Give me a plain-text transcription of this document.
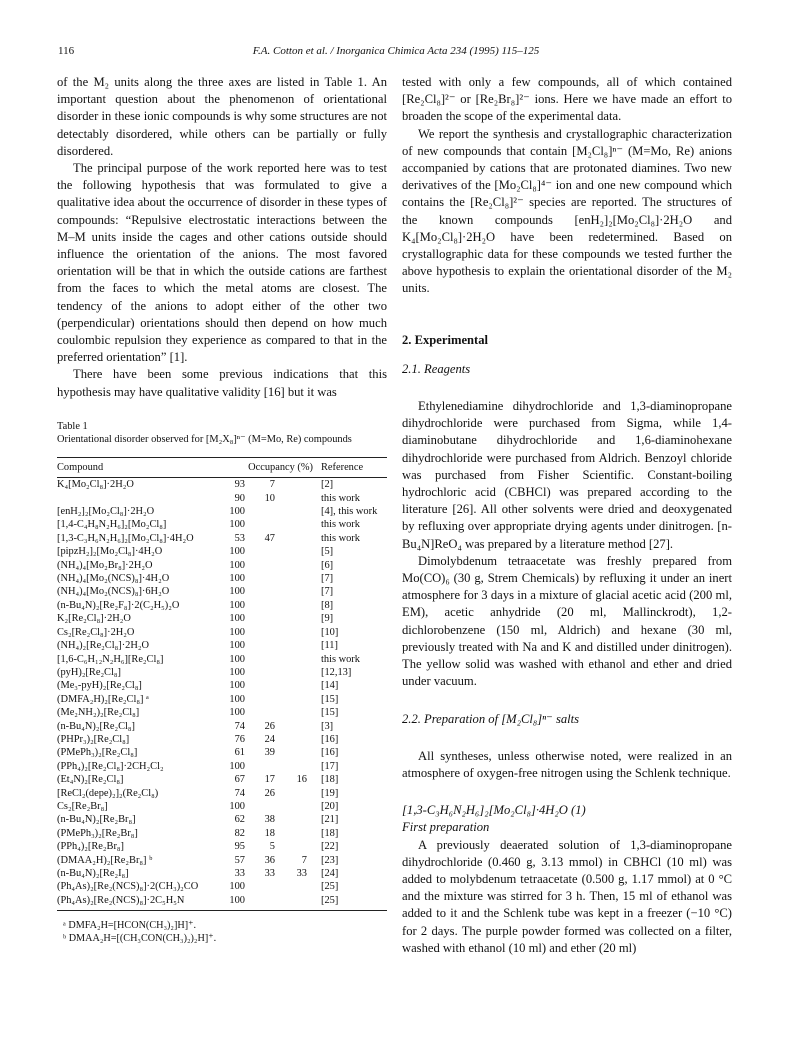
116	F.A. Cotton et al. / Inorganica Chimica Acta 234 (1995) 115–125

of the M₂ units along the three axes are listed in Table 1. An important question about the phenomenon of orientational disorder in these ionic compounds is why some structures are not detectably disordered, while others can be partially or fully disordered.

The principal purpose of the work reported here was to test the following hypothesis that was formulated to give a qualitative idea about the occurrence of disorder in these types of compounds: “Repulsive electrostatic interactions between the M–M units inside the cages and other cations outside should influence the orientation of the anions. The most favored orientation will be that in which the outside cations are farthest from the faces to which the metal atoms are closest. The tendency of the anions to adopt either of the other two (perpendicular) orientations should then depend on how much coulombic repulsion they experience as compared to that in the preferred orientation” [1].

There have been some previous indications that this hypothesis may have qualitative validity [16] but it was

Table 1

Orientational disorder observed for [M₂X₈]ⁿ⁻ (M=Mo, Re) compounds

Compound	Occupancy (%)			Reference
K₄[Mo₂Cl₈]·2H₂O	93	7		[2]
	90	10		this work
[enH₂]₂[Mo₂Cl₈]·2H₂O	100			[4], this work
[1,4-C₄H₈N₂H₆]₂[Mo₂Cl₈]	100			this work
[1,3-C₃H₆N₂H₆]₂[Mo₂Cl₈]·4H₂O	53	47		this work
[pipzH₂]₂[Mo₂Cl₈]·4H₂O	100			[5]
(NH₄)₄[Mo₂Br₈]·2H₂O	100			[6]
(NH₄)₄[Mo₂(NCS)₈]·4H₂O	100			[7]
(NH₄)₄[Mo₂(NCS)₈]·6H₂O	100			[7]
(n-Bu₄N)₂[Re₂F₈]·2(C₂H₅)₂O	100			[8]
K₂[Re₂Cl₈]·2H₂O	100			[9]
Cs₂[Re₂Cl₈]·2H₂O	100			[10]
(NH₄)₂[Re₂Cl₈]·2H₂O	100			[11]
[1,6-C₆H₁₂N₂H₆][Re₂Cl₈]	100			this work
(pyH)₂[Re₂Cl₈]	100			[12,13]
(Me₃-pyH)₂[Re₂Cl₈]	100			[14]
(DMFA₂H)₂[Re₂Cl₈] ᵃ	100			[15]
(Me₂NH₂)₂[Re₂Cl₈]	100			[15]
(n-Bu₄N)₂[Re₂Cl₈]	74	26		[3]
(PHPr₃)₂[Re₂Cl₈]	76	24		[16]
(PMePh₃)₂[Re₂Cl₈]	61	39		[16]
(PPh₄)₂[Re₂Cl₈]·2CH₂Cl₂	100			[17]
(Et₄N)₂[Re₂Cl₈]	67	17	16	[18]
[ReCl₂(depe)₂]₂(Re₂Cl₈)	74	26		[19]
Cs₂[Re₂Br₈]	100			[20]
(n-Bu₄N)₂[Re₂Br₈]	62	38		[21]
(PMePh₃)₂[Re₂Br₈]	82	18		[18]
(PPh₄)₂[Re₂Br₈]	95	5		[22]
(DMAA₂H)₂[Re₂Br₈] ᵇ	57	36	7	[23]
(n-Bu₄N)₂[Re₂I₈]	33	33	33	[24]
(Ph₄As)₂[Re₂(NCS)₈]·2(CH₃)₂CO	100			[25]
(Ph₄As)₂[Re₂(NCS)₈]·2C₅H₅N	100			[25]
ᵃ DMFA₂H=[HCON(CH₃)₂]H]⁺.
ᵇ DMAA₂H=[(CH₃CON(CH₃)₂)₂H]⁺.

tested with only a few compounds, all of which contained [Re₂Cl₈]²⁻ or [Re₂Br₈]²⁻ ions. Here we have made an effort to broaden the scope of the experimental data.

We report the synthesis and crystallographic characterization of new compounds that contain [M₂Cl₈]ⁿ⁻ (M=Mo, Re) anions accompanied by cations that are protonated diamines. Two new derivatives of the [Mo₂Cl₈]⁴⁻ ion and one new compound which contains the [Re₂Cl₈]²⁻ species are reported. The structures of the known compounds [enH₂]₂[Mo₂Cl₈]·2H₂O and K₄[Mo₂Cl₈]·2H₂O have been redetermined. Based on crystallographic data for these compounds we tested further the above hypothesis to explain the orientational disorder of the M₂ units.

2. Experimental

2.1. Reagents

Ethylenediamine dihydrochloride and 1,3-diaminopropane dihydrochloride were purchased from Sigma, while 1,4-diaminobutane dihydrochloride and 1,6-diaminohexane dihydrochloride were purchased from Aldrich. Benzoyl chloride was purchased from Fisher Scientific. Constant-boiling hydrochloric acid (CBHCl) was prepared according to the literature [26]. All other solvents were dried and deoxygenated by refluxing over appropriate drying agents under dinitrogen. [n-Bu₄N]ReO₄ was prepared by a literature method [27].

Dimolybdenum tetraacetate was freshly prepared from Mo(CO)₆ (30 g, Strem Chemicals) by refluxing it under an inert atmosphere for 3 days in a mixture of glacial acetic acid (200 ml, EM), acetic anhydride (20 ml, Mallinckrodt), 1,2-dichlorobenzene (150 ml, Aldrich) and hexane (30 ml, previously treated with Na and K and distilled under dinitrogen). The yellow solid was washed with ethanol and ether and dried under vacuum.

2.2. Preparation of [M₂Cl₈]ⁿ⁻ salts

All syntheses, unless otherwise noted, were realized in an atmosphere of oxygen-free nitrogen using the Schlenk technique.

[1,3-C₃H₆N₂H₆]₂[Mo₂Cl₈]·4H₂O (1)

First preparation

A previously deaerated solution of 1,3-diaminopropane dihydrochloride (0.460 g, 3.13 mmol) in CBHCl (10 ml) was added to molybdenum tetraacetate (0.500 g, 1.17 mmol) at 0 °C and the mixture was stirred for 3 h. Then, 15 ml of ethanol was added to it and the Schlenk tube was kept in a freezer (−10 °C) for 2 days. The purple powder formed was collected on a filter, washed with ethanol (10 ml) and ether (20 ml)
